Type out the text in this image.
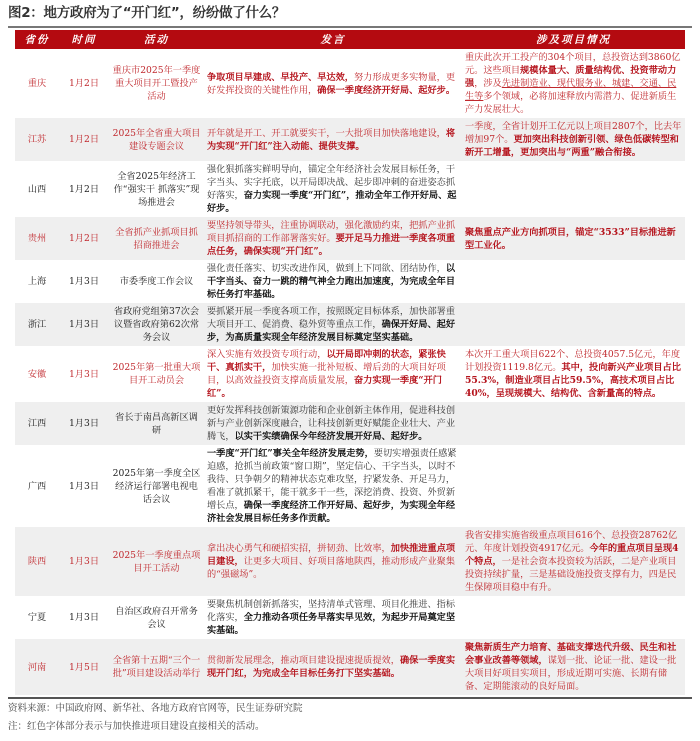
图2：地方政府为了“开门红”，纷纷做了什么？
省份	时间	活动	发言	涉及项目情况
重庆	1月2日	重庆市2025年一季度重大项目开工暨投产活动	争取项目早建成、早投产、早达效，努力形成更多实物量，更好发挥投资的关键性作用，确保一季度经济开好局、起好步。	重庆此次开工投产的304个项目，总投资达到3860亿元。这些项目规模体量大、质量结构优、投资带动力强，涉及先进制造业、现代服务业、城建、交通、民生等多个领域，必将加速释放内需潜力、促进新质生产力发展壮大。
江苏	1月2日	2025年全省重大项目建设专题会议	开年就是开工、开工就要实干，一大批项目加快落地建设，将为实现“开门红”注入动能、提供支撑。	一季度，全省计划开工亿元以上项目2807个，比去年增加97个。更加突出科技创新引领、绿色低碳转型和新开工增量，更加突出与“两重”融合衔接。
山西	1月2日	全省2025年经济工作“强实干 抓落实”现场推进会	强化狠抓落实鲜明导向，锚定全年经济社会发展目标任务，干字当头、实字托底，以开局即决战、起步即冲刺的奋进姿态抓好落实，奋力实现一季度“开门红”，推动全年工作开好局、起好步。	
贵州	1月2日	全省抓产业抓项目抓招商推进会	要坚持领导带头，注重协调联动，强化激励约束，把抓产业抓项目抓招商的工作部署落实好。要开足马力推进一季度各项重点任务，确保实现“开门红”。	聚焦重点产业方向抓项目，锚定“3533”目标推进新型工业化。
上海	1月3日	市委季度工作会议	强化责任落实、切实改进作风，做到上下同欲、团结协作，以干字当头、奋力一跳的精气神全力跑出加速度，为完成全年目标任务打牢基础。	
浙江	1月3日	省政府党组第37次会议暨省政府第62次常务会议	要抓紧开展一季度各项工作，按照既定目标体系，加快部署重大项目开工、促消费、稳外贸等重点工作，确保开好局、起好步，为高质量实现全年经济发展目标奠定坚实基础。	
安徽	1月3日	2025年第一批重大项目开工动员会	深入实施有效投资专项行动，以开局即冲刺的状态，紧张快干、真抓实干，加快实施一批补短板、增后劲的大项目好项目，以高效益投资支撑高质量发展，奋力实现一季度“开门红”。	本次开工重大项目622个、总投资4057.5亿元，年度计划投资1119.8亿元。其中，投向新兴产业项目占比55.3%，制造业项目占比59.5%，高技术项目占比40%，呈现规模大、结构优、含新量高的特点。
江西	1月3日	省长于南昌高新区调研	更好发挥科技创新策源功能和企业创新主体作用，促进科技创新与产业创新深度融合，让科技创新更好赋能企业壮大、产业腾飞，以实干实绩确保今年经济发展开好局、起好步。	
广西	1月3日	2025年第一季度全区经济运行部署电视电话会议	一季度“开门红”事关全年经济发展走势，要切实增强责任感紧迫感，抢抓当前政策“窗口期”，坚定信心、干字当头，以时不我待、只争朝夕的精神状态克难攻坚，拧紧发条、开足马力，看准了就抓紧干，能干就多干一些，深挖消费、投资、外贸新增长点，确保一季度经济工作开好局、起好步，为实现全年经济社会发展目标任务多作贡献。	
陕西	1月3日	2025年一季度重点项目开工活动	拿出决心勇气和硬招实招，拼韧劲、比效率，加快推进重点项目建设，让更多大项目、好项目落地陕西，推动形成产业聚集的“强磁场”。	我省安排实施省级重点项目616个、总投资28762亿元、年度计划投资4917亿元。今年的重点项目呈现4个特点，一是社会资本投资较为活跃，二是产业项目投资持续扩量，三是基础设施投资支撑有力，四是民生保障项目稳中有升。
宁夏	1月3日	自治区政府召开常务会议	要聚焦机制创新抓落实，坚持清单式管理、项目化推进、指标化落实，全力推动各项任务早落实早见效，为起步开局奠定坚实基础。	
河南	1月5日	全省第十五期“三个一批”项目建设活动举行	贯彻新发展理念，推动项目建设提速提质提效，确保一季度实现开门红，为完成全年目标任务打下坚实基础。	聚焦新质生产力培育、基础支撑迭代升级、民生和社会事业改善等领域，谋划一批、论证一批、建设一批大项目好项目实项目，形成近期可实施、长期有储备、定期能滚动的良好局面。
资料来源：中国政府网、新华社、各地方政府官网等，民生证券研究院
注：红色字体部分表示与加快推进项目建设直接相关的活动。
